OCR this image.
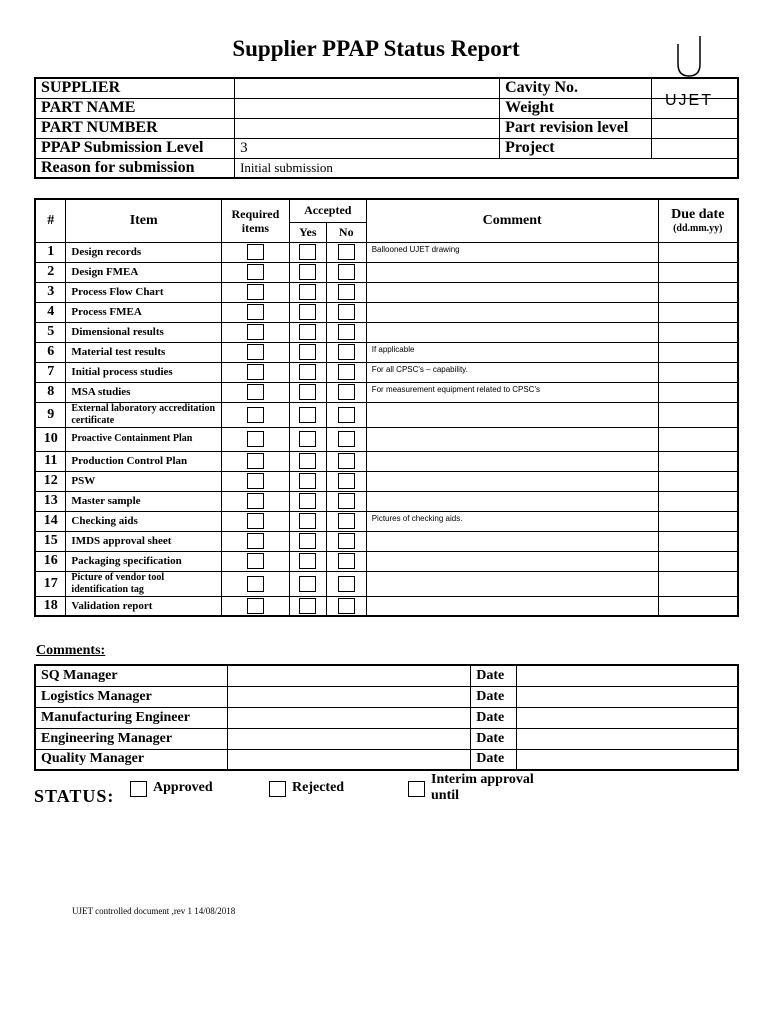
Supplier PPAP Status Report
UJET
SUPPLIER		Cavity No.	
PART NAME		Weight	
PART NUMBER		Part revision level	
PPAP Submission Level	3	Project	
Reason for submission	Initial submission		
#	Item	Required items	Accepted		Comment	Due date
(dd.mm.yy)

			Yes	No		
1	Design records				Ballooned UJET drawing	
2	Design FMEA					
3	Process Flow Chart					
4	Process FMEA					
5	Dimensional results					
6	Material test results				If applicable	
7	Initial process studies				For all CPSC's – capability.	
8	MSA studies				For measurement equipment related to CPSC's	
9	External laboratory accreditation certificate					
10	Proactive Containment Plan					
11	Production Control Plan					
12	PSW					
13	Master sample					
14	Checking aids				Pictures of checking aids.	
15	IMDS approval sheet					
16	Packaging specification					
17	Picture of vendor tool identification tag					
18	Validation report					
Comments:
SQ Manager		Date	
Logistics Manager		Date	
Manufacturing Engineer		Date	
Engineering Manager		Date	
Quality Manager		Date	
STATUS:	Approved	Rejected
Interim approval until
UJET controlled document ,rev 1 14/08/2018
